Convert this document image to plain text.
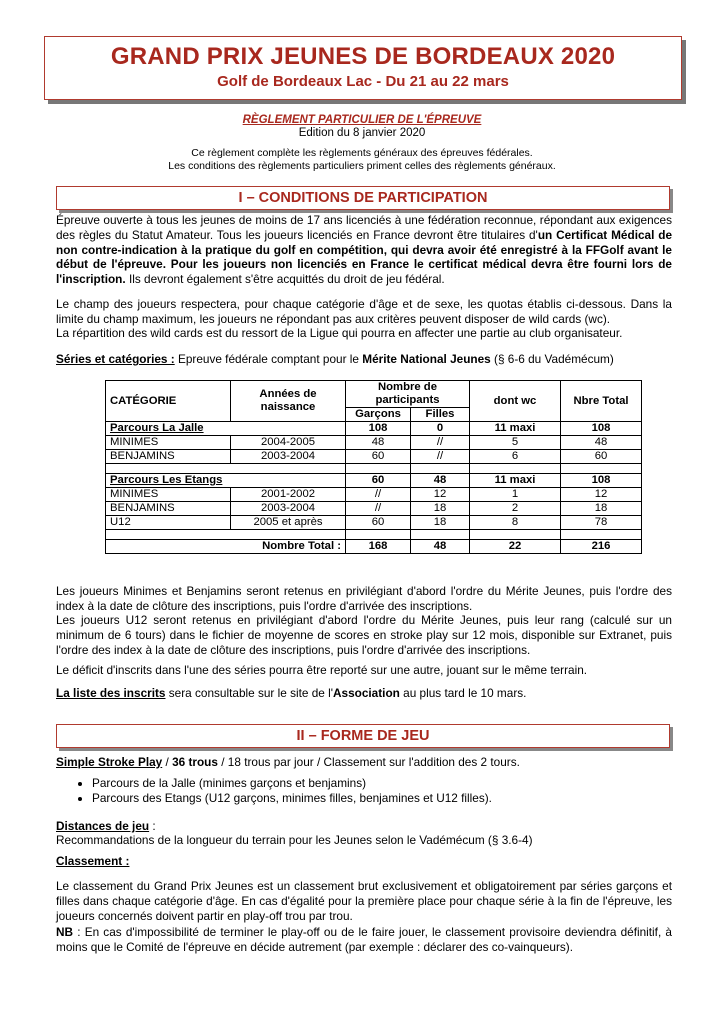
GRAND PRIX JEUNES DE BORDEAUX 2020
Golf de Bordeaux Lac - Du 21 au 22 mars
RÈGLEMENT PARTICULIER DE L'ÉPREUVE
Edition du 8 janvier 2020
Ce règlement complète les règlements généraux des épreuves fédérales.
Les conditions des règlements particuliers priment celles des règlements généraux.
I – CONDITIONS DE PARTICIPATION
Épreuve ouverte à tous les jeunes de moins de 17 ans licenciés à une fédération reconnue, répondant aux exigences des règles du Statut Amateur. Tous les joueurs licenciés en France devront être titulaires d'un Certificat Médical de non contre-indication à la pratique du golf en compétition, qui devra avoir été enregistré à la FFGolf avant le début de l'épreuve. Pour les joueurs non licenciés en France le certificat médical devra être fourni lors de l'inscription. Ils devront également s'être acquittés du droit de jeu fédéral.
Le champ des joueurs respectera, pour chaque catégorie d'âge et de sexe, les quotas établis ci-dessous. Dans la limite du champ maximum, les joueurs ne répondant pas aux critères peuvent disposer de wild cards (wc).
La répartition des wild cards est du ressort de la Ligue qui pourra en affecter une partie au club organisateur.
Séries et catégories : Epreuve fédérale comptant pour le Mérite National Jeunes (§ 6-6 du Vadémécum)
CATÉGORIE	Années de naissance	Nombre de participants		dont wc	Nbre Total
		Garçons	Filles		
Parcours La Jalle		108	0	11 maxi	108
MINIMES	2004-2005	48	//	5	48
BENJAMINS	2003-2004	60	//	6	60

Parcours Les Etangs		60	48	11 maxi	108
MINIMES	2001-2002	//	12	1	12
BENJAMINS	2003-2004	//	18	2	18
U12	2005 et après	60	18	8	78

Nombre Total :		168	48	22	216
Les joueurs Minimes et Benjamins seront retenus en privilégiant d'abord l'ordre du Mérite Jeunes, puis l'ordre des index à la date de clôture des inscriptions, puis l'ordre d'arrivée des inscriptions.
Les joueurs U12 seront retenus en privilégiant d'abord l'ordre du Mérite Jeunes, puis leur rang (calculé sur un minimum de 6 tours) dans le fichier de moyenne de scores en stroke play sur 12 mois, disponible sur Extranet, puis l'ordre des index à la date de clôture des inscriptions, puis l'ordre d'arrivée des inscriptions.
Le déficit d'inscrits dans l'une des séries pourra être reporté sur une autre, jouant sur le même terrain.
La liste des inscrits sera consultable sur le site de l'Association au plus tard le 10 mars.
II – FORME DE JEU
Simple Stroke Play / 36 trous / 18 trous par jour / Classement sur l'addition des 2 tours.
• Parcours de la Jalle (minimes garçons et benjamins)
• Parcours des Etangs (U12 garçons, minimes filles, benjamines et U12 filles).
Distances de jeu :
Recommandations de la longueur du terrain pour les Jeunes selon le Vadémécum (§ 3.6-4)
Classement :
Le classement du Grand Prix Jeunes est un classement brut exclusivement et obligatoirement par séries garçons et filles dans chaque catégorie d'âge. En cas d'égalité pour la première place pour chaque série à la fin de l'épreuve, les joueurs concernés doivent partir en play-off trou par trou.
NB : En cas d'impossibilité de terminer le play-off ou de le faire jouer, le classement provisoire deviendra définitif, à moins que le Comité de l'épreuve en décide autrement (par exemple : déclarer des co-vainqueurs).
